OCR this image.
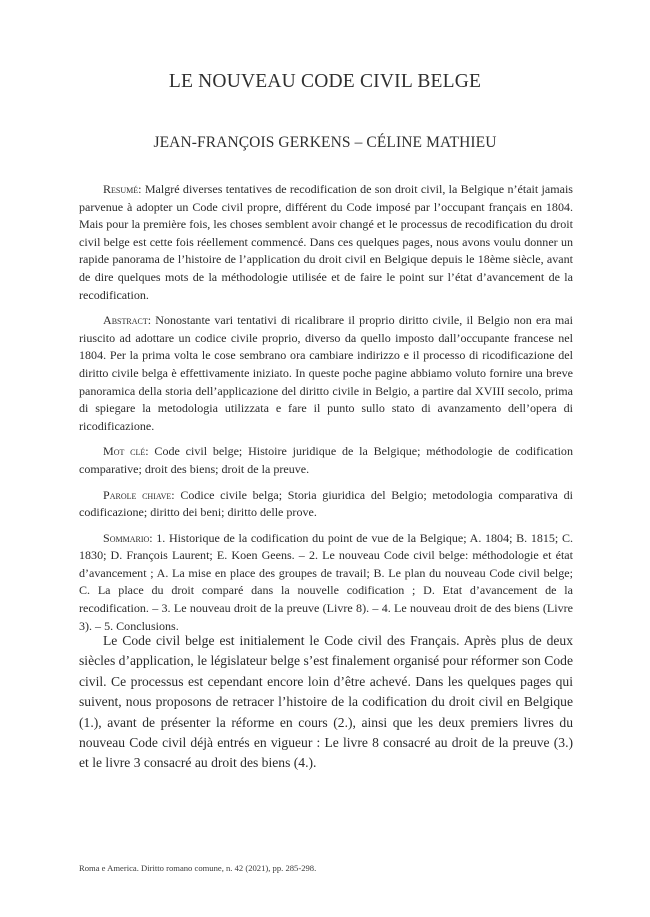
LE NOUVEAU CODE CIVIL BELGE
JEAN-FRANÇOIS GERKENS – CÉLINE MATHIEU

Resumé: Malgré diverses tentatives de recodification de son droit civil, la Belgique n’était jamais parvenue à adopter un Code civil propre, différent du Code imposé par l’occupant français en 1804. Mais pour la première fois, les choses semblent avoir changé et le processus de recodification du droit civil belge est cette fois réellement commencé. Dans ces quelques pages, nous avons voulu donner un rapide panorama de l’histoire de l’application du droit civil en Belgique depuis le 18ème siècle, avant de dire quelques mots de la méthodologie utilisée et de faire le point sur l’état d’avancement de la recodification.

Abstract: Nonostante vari tentativi di ricalibrare il proprio diritto civile, il Belgio non era mai riuscito ad adottare un codice civile proprio, diverso da quello imposto dall’occupante francese nel 1804. Per la prima volta le cose sembrano ora cambiare indirizzo e il processo di ricodificazione del diritto civile belga è effettivamente iniziato. In queste poche pagine abbiamo voluto fornire una breve panoramica della storia dell’applicazione del diritto civile in Belgio, a partire dal XVIII secolo, prima di spiegare la metodologia utilizzata e fare il punto sullo stato di avanzamento dell’opera di ricodificazione.

Mot clé: Code civil belge; Histoire juridique de la Belgique; méthodologie de codification comparative; droit des biens; droit de la preuve.

Parole chiave: Codice civile belga; Storia giuridica del Belgio; metodologia comparativa di codificazione; diritto dei beni; diritto delle prove.

Sommario: 1. Historique de la codification du point de vue de la Belgique; A. 1804; B. 1815; C. 1830; D. François Laurent; E. Koen Geens. – 2. Le nouveau Code civil belge: méthodologie et état d’avancement ; A. La mise en place des groupes de travail; B. Le plan du nouveau Code civil belge; C. La place du droit comparé dans la nouvelle codification ; D. Etat d’avancement de la recodification. – 3. Le nouveau droit de la preuve (Livre 8). – 4. Le nouveau droit de des biens (Livre 3). – 5. Conclusions.

Le Code civil belge est initialement le Code civil des Français. Après plus de deux siècles d’application, le législateur belge s’est finalement organisé pour réformer son Code civil. Ce processus est cependant encore loin d’être achevé. Dans les quelques pages qui suivent, nous proposons de retracer l’histoire de la codification du droit civil en Belgique (1.), avant de présenter la réforme en cours (2.), ainsi que les deux premiers livres du nouveau Code civil déjà entrés en vigueur : Le livre 8 consacré au droit de la preuve (3.) et le livre 3 consacré au droit des biens (4.).

Roma e America. Diritto romano comune, n. 42 (2021), pp. 285-298.
